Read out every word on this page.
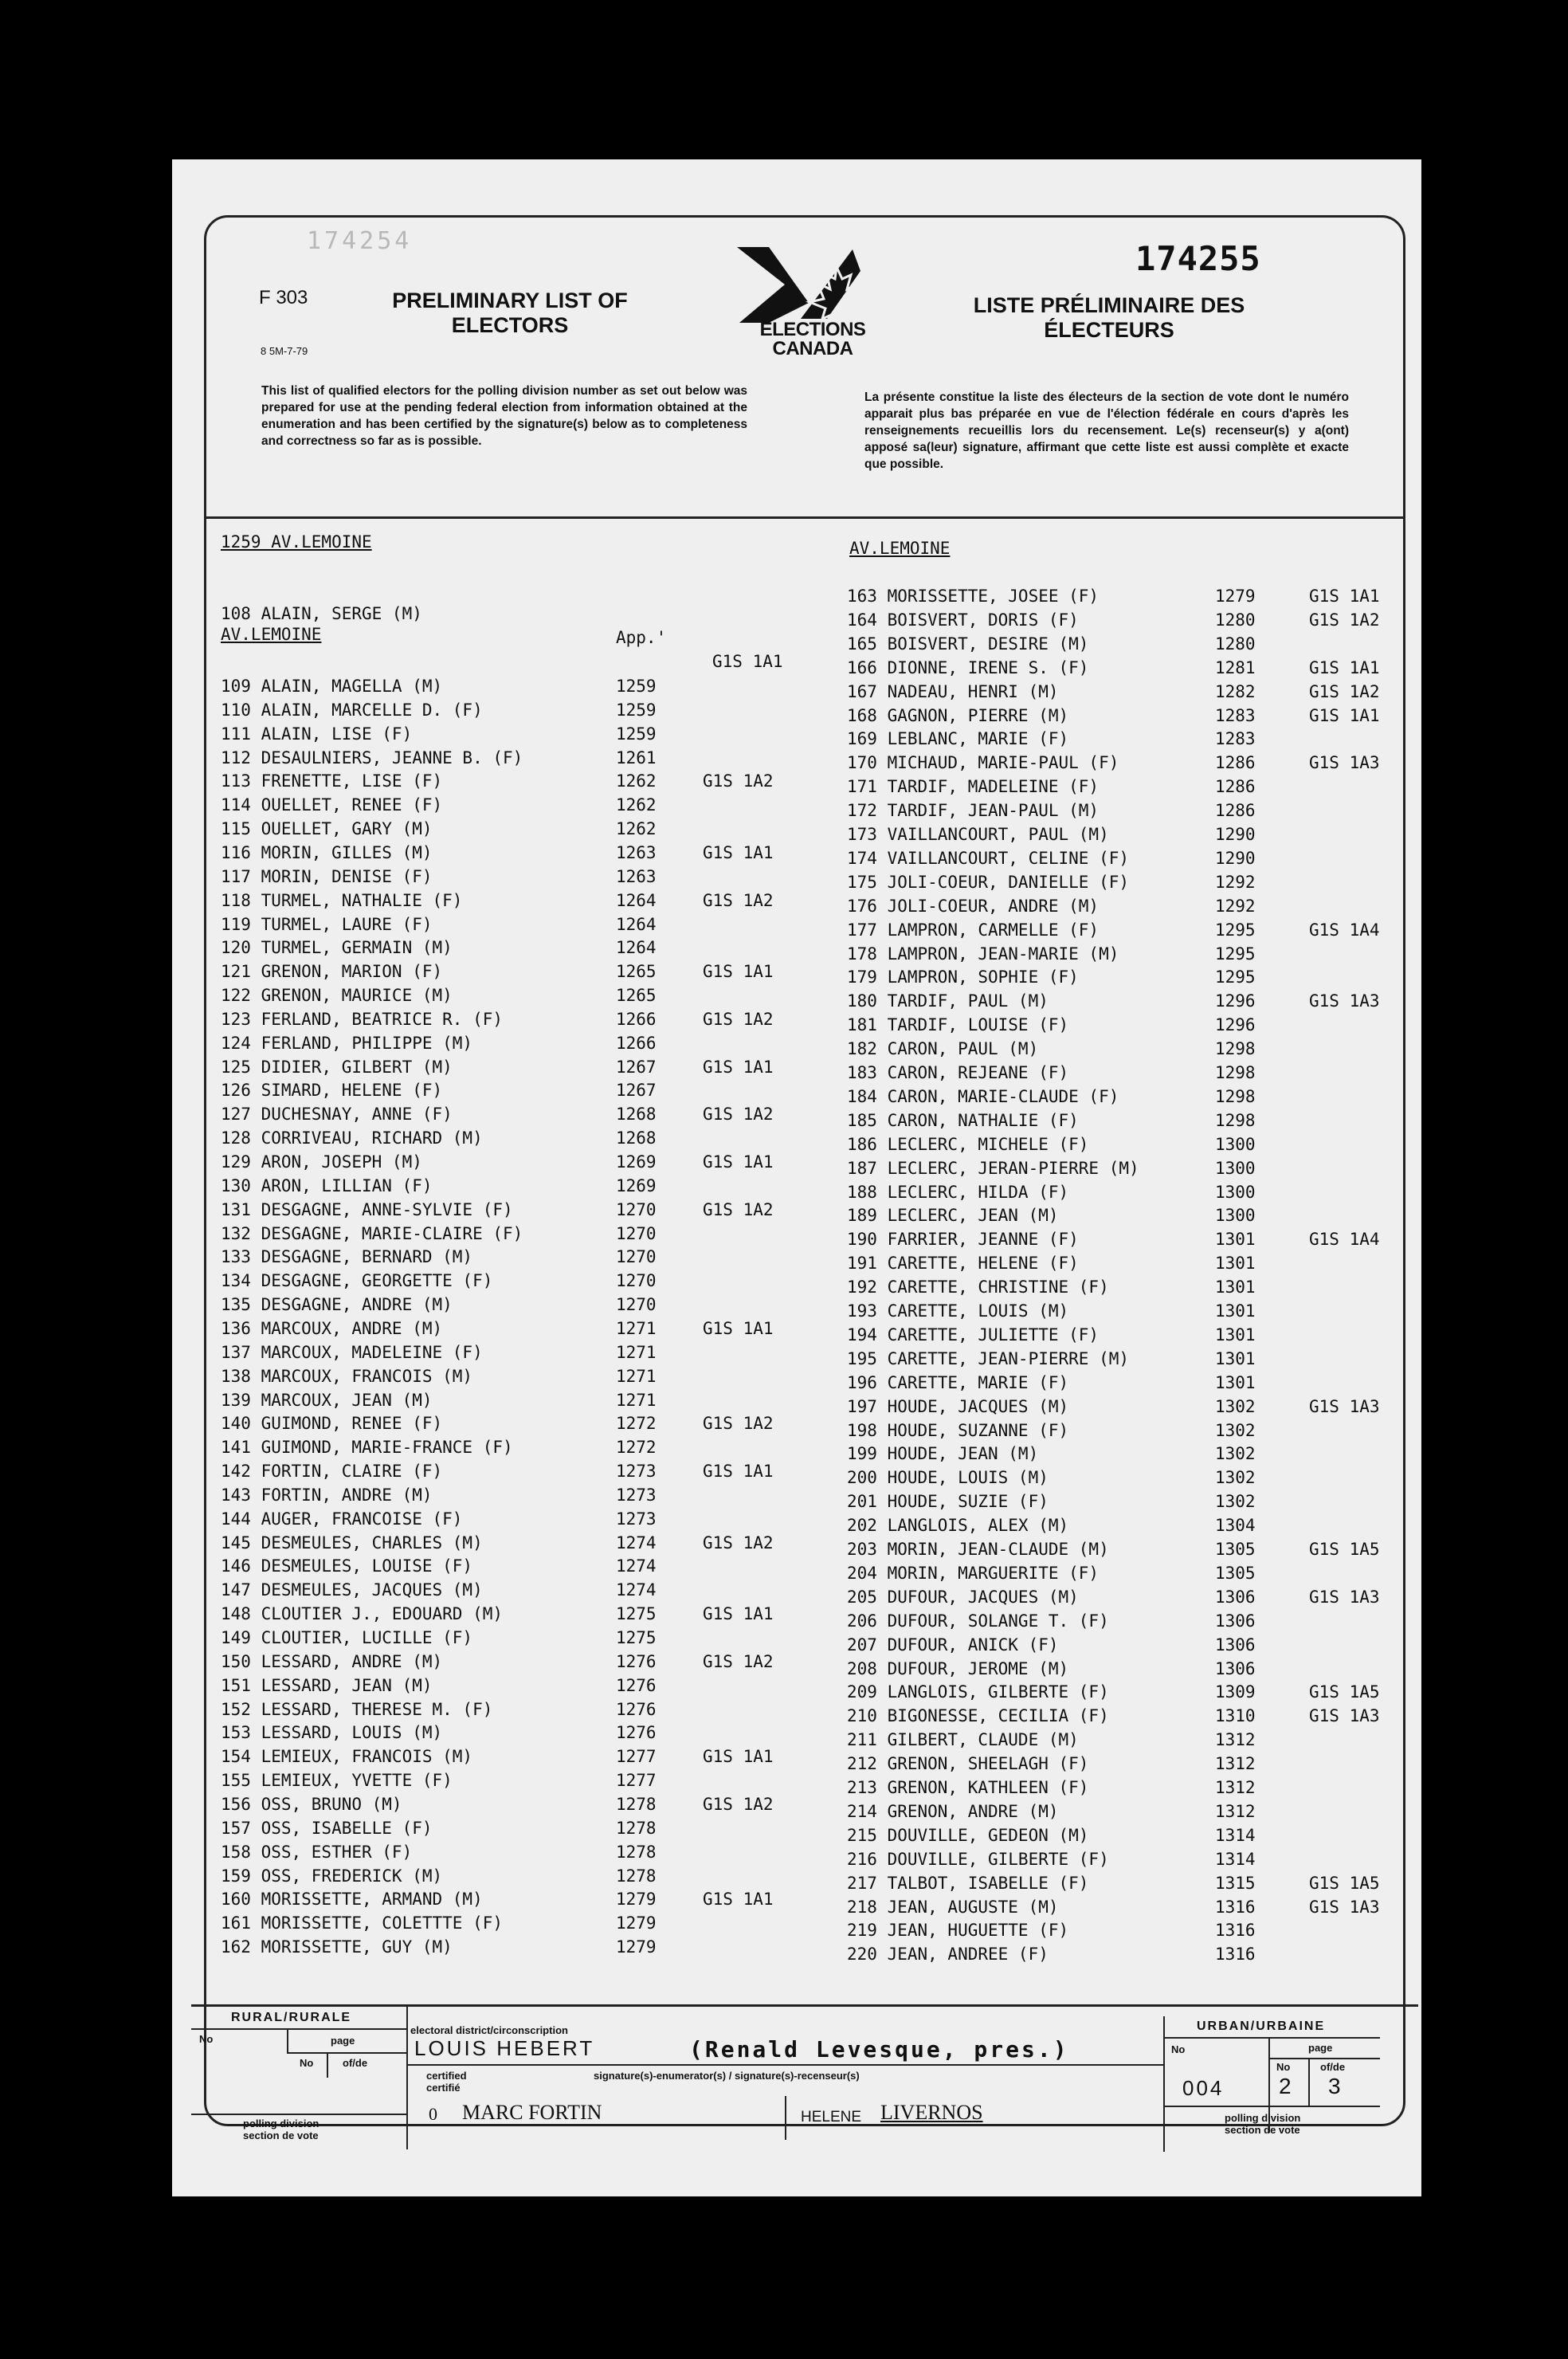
174254
F 303
8 5M-7-79
PRELIMINARY LIST OF
ELECTORS	ELECTIONS
CANADA
174255
LISTE PRÉLIMINAIRE DES
ÉLECTEURS
This list of qualified electors for the polling division number as set out below was prepared for use at the pending federal election from information obtained at the enumeration and has been certified by the signature(s) below as to completeness and correctness so far as is possible.
La présente constitue la liste des électeurs de la section de vote dont le numéro apparait plus bas préparée en vue de l'élection fédérale en cours d'après les renseignements recueillis lors du recensement. Le(s) recenseur(s) y a(ont) apposé sa(leur) signature, affirmant que cette liste est aussi complète et exacte que possible.
1259 AV.LEMOINE

108 ALAIN, SERGE (M)

App.'

G1S 1A1

AV.LEMOINE
109 ALAIN, MAGELLA (M)	1259
110 ALAIN, MARCELLE D. (F)	1259
111 ALAIN, LISE (F)	1259
112 DESAULNIERS, JEANNE B. (F)	1261
113 FRENETTE, LISE (F)	1262	G1S 1A2
114 OUELLET, RENEE (F)	1262
115 OUELLET, GARY (M)	1262
116 MORIN, GILLES (M)	1263	G1S 1A1
117 MORIN, DENISE (F)	1263
118 TURMEL, NATHALIE (F)	1264	G1S 1A2
119 TURMEL, LAURE (F)	1264
120 TURMEL, GERMAIN (M)	1264
121 GRENON, MARION (F)	1265	G1S 1A1
122 GRENON, MAURICE (M)	1265
123 FERLAND, BEATRICE R. (F)	1266	G1S 1A2
124 FERLAND, PHILIPPE (M)	1266
125 DIDIER, GILBERT (M)	1267	G1S 1A1
126 SIMARD, HELENE (F)	1267
127 DUCHESNAY, ANNE (F)	1268	G1S 1A2
128 CORRIVEAU, RICHARD (M)	1268
129 ARON, JOSEPH (M)	1269	G1S 1A1
130 ARON, LILLIAN (F)	1269
131 DESGAGNE, ANNE-SYLVIE (F)	1270	G1S 1A2
132 DESGAGNE, MARIE-CLAIRE (F)	1270
133 DESGAGNE, BERNARD (M)	1270
134 DESGAGNE, GEORGETTE (F)	1270
135 DESGAGNE, ANDRE (M)	1270
136 MARCOUX, ANDRE (M)	1271	G1S 1A1
137 MARCOUX, MADELEINE (F)	1271
138 MARCOUX, FRANCOIS (M)	1271
139 MARCOUX, JEAN (M)	1271
140 GUIMOND, RENEE (F)	1272	G1S 1A2
141 GUIMOND, MARIE-FRANCE (F)	1272
142 FORTIN, CLAIRE (F)	1273	G1S 1A1
143 FORTIN, ANDRE (M)	1273
144 AUGER, FRANCOISE (F)	1273
145 DESMEULES, CHARLES (M)	1274	G1S 1A2
146 DESMEULES, LOUISE (F)	1274
147 DESMEULES, JACQUES (M)	1274
148 CLOUTIER J., EDOUARD (M)	1275	G1S 1A1
149 CLOUTIER, LUCILLE (F)	1275
150 LESSARD, ANDRE (M)	1276	G1S 1A2
151 LESSARD, JEAN (M)	1276
152 LESSARD, THERESE M. (F)	1276
153 LESSARD, LOUIS (M)	1276
154 LEMIEUX, FRANCOIS (M)	1277	G1S 1A1
155 LEMIEUX, YVETTE (F)	1277
156 OSS, BRUNO (M)	1278	G1S 1A2
157 OSS, ISABELLE (F)	1278
158 OSS, ESTHER (F)	1278
159 OSS, FREDERICK (M)	1278
160 MORISSETTE, ARMAND (M)	1279	G1S 1A1
161 MORISSETTE, COLETTTE (F)	1279
162 MORISSETTE, GUY (M)	1279
AV.LEMOINE
163 MORISSETTE, JOSEE (F)	1279	G1S 1A1
164 BOISVERT, DORIS (F)	1280	G1S 1A2
165 BOISVERT, DESIRE (M)	1280
166 DIONNE, IRENE S. (F)	1281	G1S 1A1
167 NADEAU, HENRI (M)	1282	G1S 1A2
168 GAGNON, PIERRE (M)	1283	G1S 1A1
169 LEBLANC, MARIE (F)	1283
170 MICHAUD, MARIE-PAUL (F)	1286	G1S 1A3
171 TARDIF, MADELEINE (F)	1286
172 TARDIF, JEAN-PAUL (M)	1286
173 VAILLANCOURT, PAUL (M)	1290
174 VAILLANCOURT, CELINE (F)	1290
175 JOLI-COEUR, DANIELLE (F)	1292
176 JOLI-COEUR, ANDRE (M)	1292
177 LAMPRON, CARMELLE (F)	1295	G1S 1A4
178 LAMPRON, JEAN-MARIE (M)	1295
179 LAMPRON, SOPHIE (F)	1295
180 TARDIF, PAUL (M)	1296	G1S 1A3
181 TARDIF, LOUISE (F)	1296
182 CARON, PAUL (M)	1298
183 CARON, REJEANE (F)	1298
184 CARON, MARIE-CLAUDE (F)	1298
185 CARON, NATHALIE (F)	1298
186 LECLERC, MICHELE (F)	1300
187 LECLERC, JERAN-PIERRE (M)	1300
188 LECLERC, HILDA (F)	1300
189 LECLERC, JEAN (M)	1300
190 FARRIER, JEANNE (F)	1301	G1S 1A4
191 CARETTE, HELENE (F)	1301
192 CARETTE, CHRISTINE (F)	1301
193 CARETTE, LOUIS (M)	1301
194 CARETTE, JULIETTE (F)	1301
195 CARETTE, JEAN-PIERRE (M)	1301
196 CARETTE, MARIE (F)	1301
197 HOUDE, JACQUES (M)	1302	G1S 1A3
198 HOUDE, SUZANNE (F)	1302
199 HOUDE, JEAN (M)	1302
200 HOUDE, LOUIS (M)	1302
201 HOUDE, SUZIE (F)	1302
202 LANGLOIS, ALEX (M)	1304
203 MORIN, JEAN-CLAUDE (M)	1305	G1S 1A5
204 MORIN, MARGUERITE (F)	1305
205 DUFOUR, JACQUES (M)	1306	G1S 1A3
206 DUFOUR, SOLANGE T. (F)	1306
207 DUFOUR, ANICK (F)	1306
208 DUFOUR, JEROME (M)	1306
209 LANGLOIS, GILBERTE (F)	1309	G1S 1A5
210 BIGONESSE, CECILIA (F)	1310	G1S 1A3
211 GILBERT, CLAUDE (M)	1312
212 GRENON, SHEELAGH (F)	1312
213 GRENON, KATHLEEN (F)	1312
214 GRENON, ANDRE (M)	1312
215 DOUVILLE, GEDEON (M)	1314
216 DOUVILLE, GILBERTE (F)	1314
217 TALBOT, ISABELLE (F)	1315	G1S 1A5
218 JEAN, AUGUSTE (M)	1316	G1S 1A3
219 JEAN, HUGUETTE (F)	1316
220 JEAN, ANDREE (F)	1316
RURAL/RURALE
No	page
No	of/de
polling division
section de vote
electoral district/circonscription
LOUIS HEBERT	(Renald Levesque, pres.)
certified
certifié
signature(s)-enumerator(s) / signature(s)-recenseur(s)
0 MARC FORTIN	HELENE LIVERNOS
URBAN/URBAINE
No	page
No	of/de
004 2 3
polling division
section de vote
